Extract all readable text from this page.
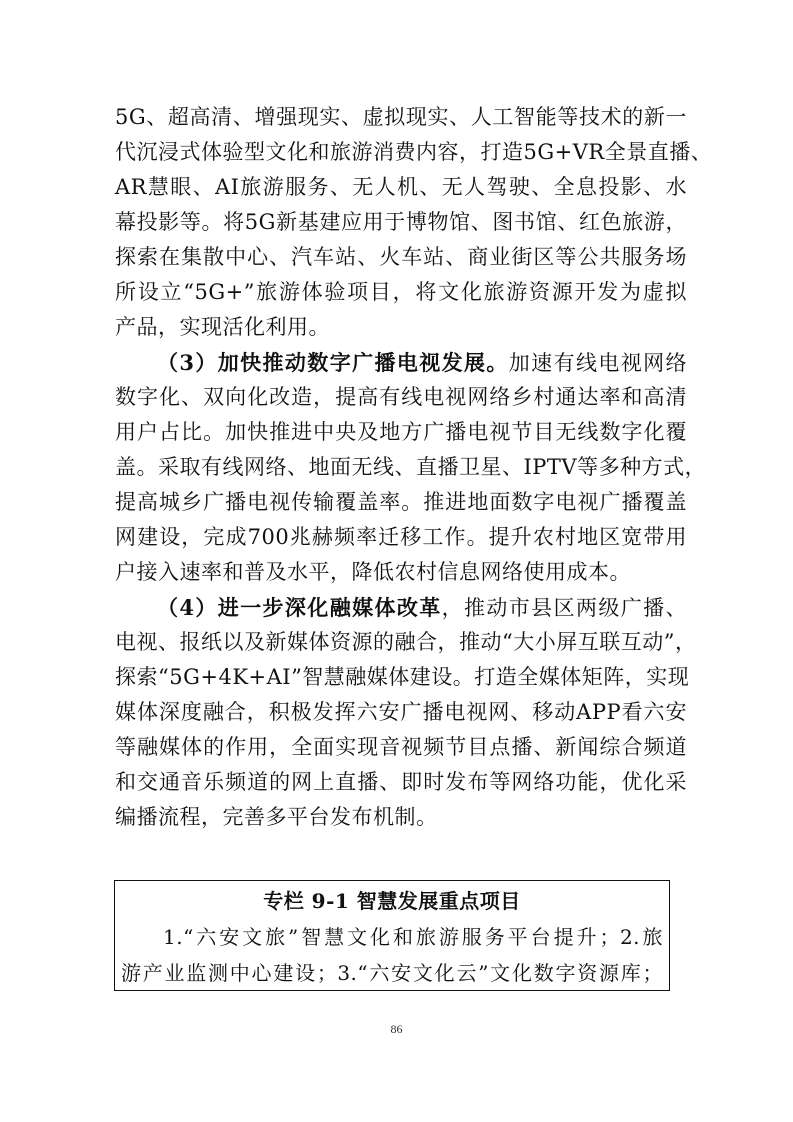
5G、超高清、增强现实、虚拟现实、人工智能等技术的新一
代沉浸式体验型文化和旅游消费内容，打造5G+VR全景直播、
AR慧眼、AI旅游服务、无人机、无人驾驶、全息投影、水
幕投影等。将5G新基建应用于博物馆、图书馆、红色旅游，
探索在集散中心、汽车站、火车站、商业街区等公共服务场
所设立“5G+”旅游体验项目，将文化旅游资源开发为虚拟
产品，实现活化利用。
（3）加快推动数字广播电视发展。加速有线电视网络
数字化、双向化改造，提高有线电视网络乡村通达率和高清
用户占比。加快推进中央及地方广播电视节目无线数字化覆
盖。采取有线网络、地面无线、直播卫星、IPTV等多种方式，
提高城乡广播电视传输覆盖率。推进地面数字电视广播覆盖
网建设，完成700兆赫频率迁移工作。提升农村地区宽带用
户接入速率和普及水平，降低农村信息网络使用成本。
（4）进一步深化融媒体改革，推动市县区两级广播、
电视、报纸以及新媒体资源的融合，推动“大小屏互联互动”，
探索“5G+4K+AI”智慧融媒体建设。打造全媒体矩阵，实现
媒体深度融合，积极发挥六安广播电视网、移动APP看六安
等融媒体的作用，全面实现音视频节目点播、新闻综合频道
和交通音乐频道的网上直播、即时发布等网络功能，优化采
编播流程，完善多平台发布机制。
专栏 9-1 智慧发展重点项目
1.“六安文旅”智慧文化和旅游服务平台提升；2.旅
游产业监测中心建设；3.“六安文化云”文化数字资源库；
86
